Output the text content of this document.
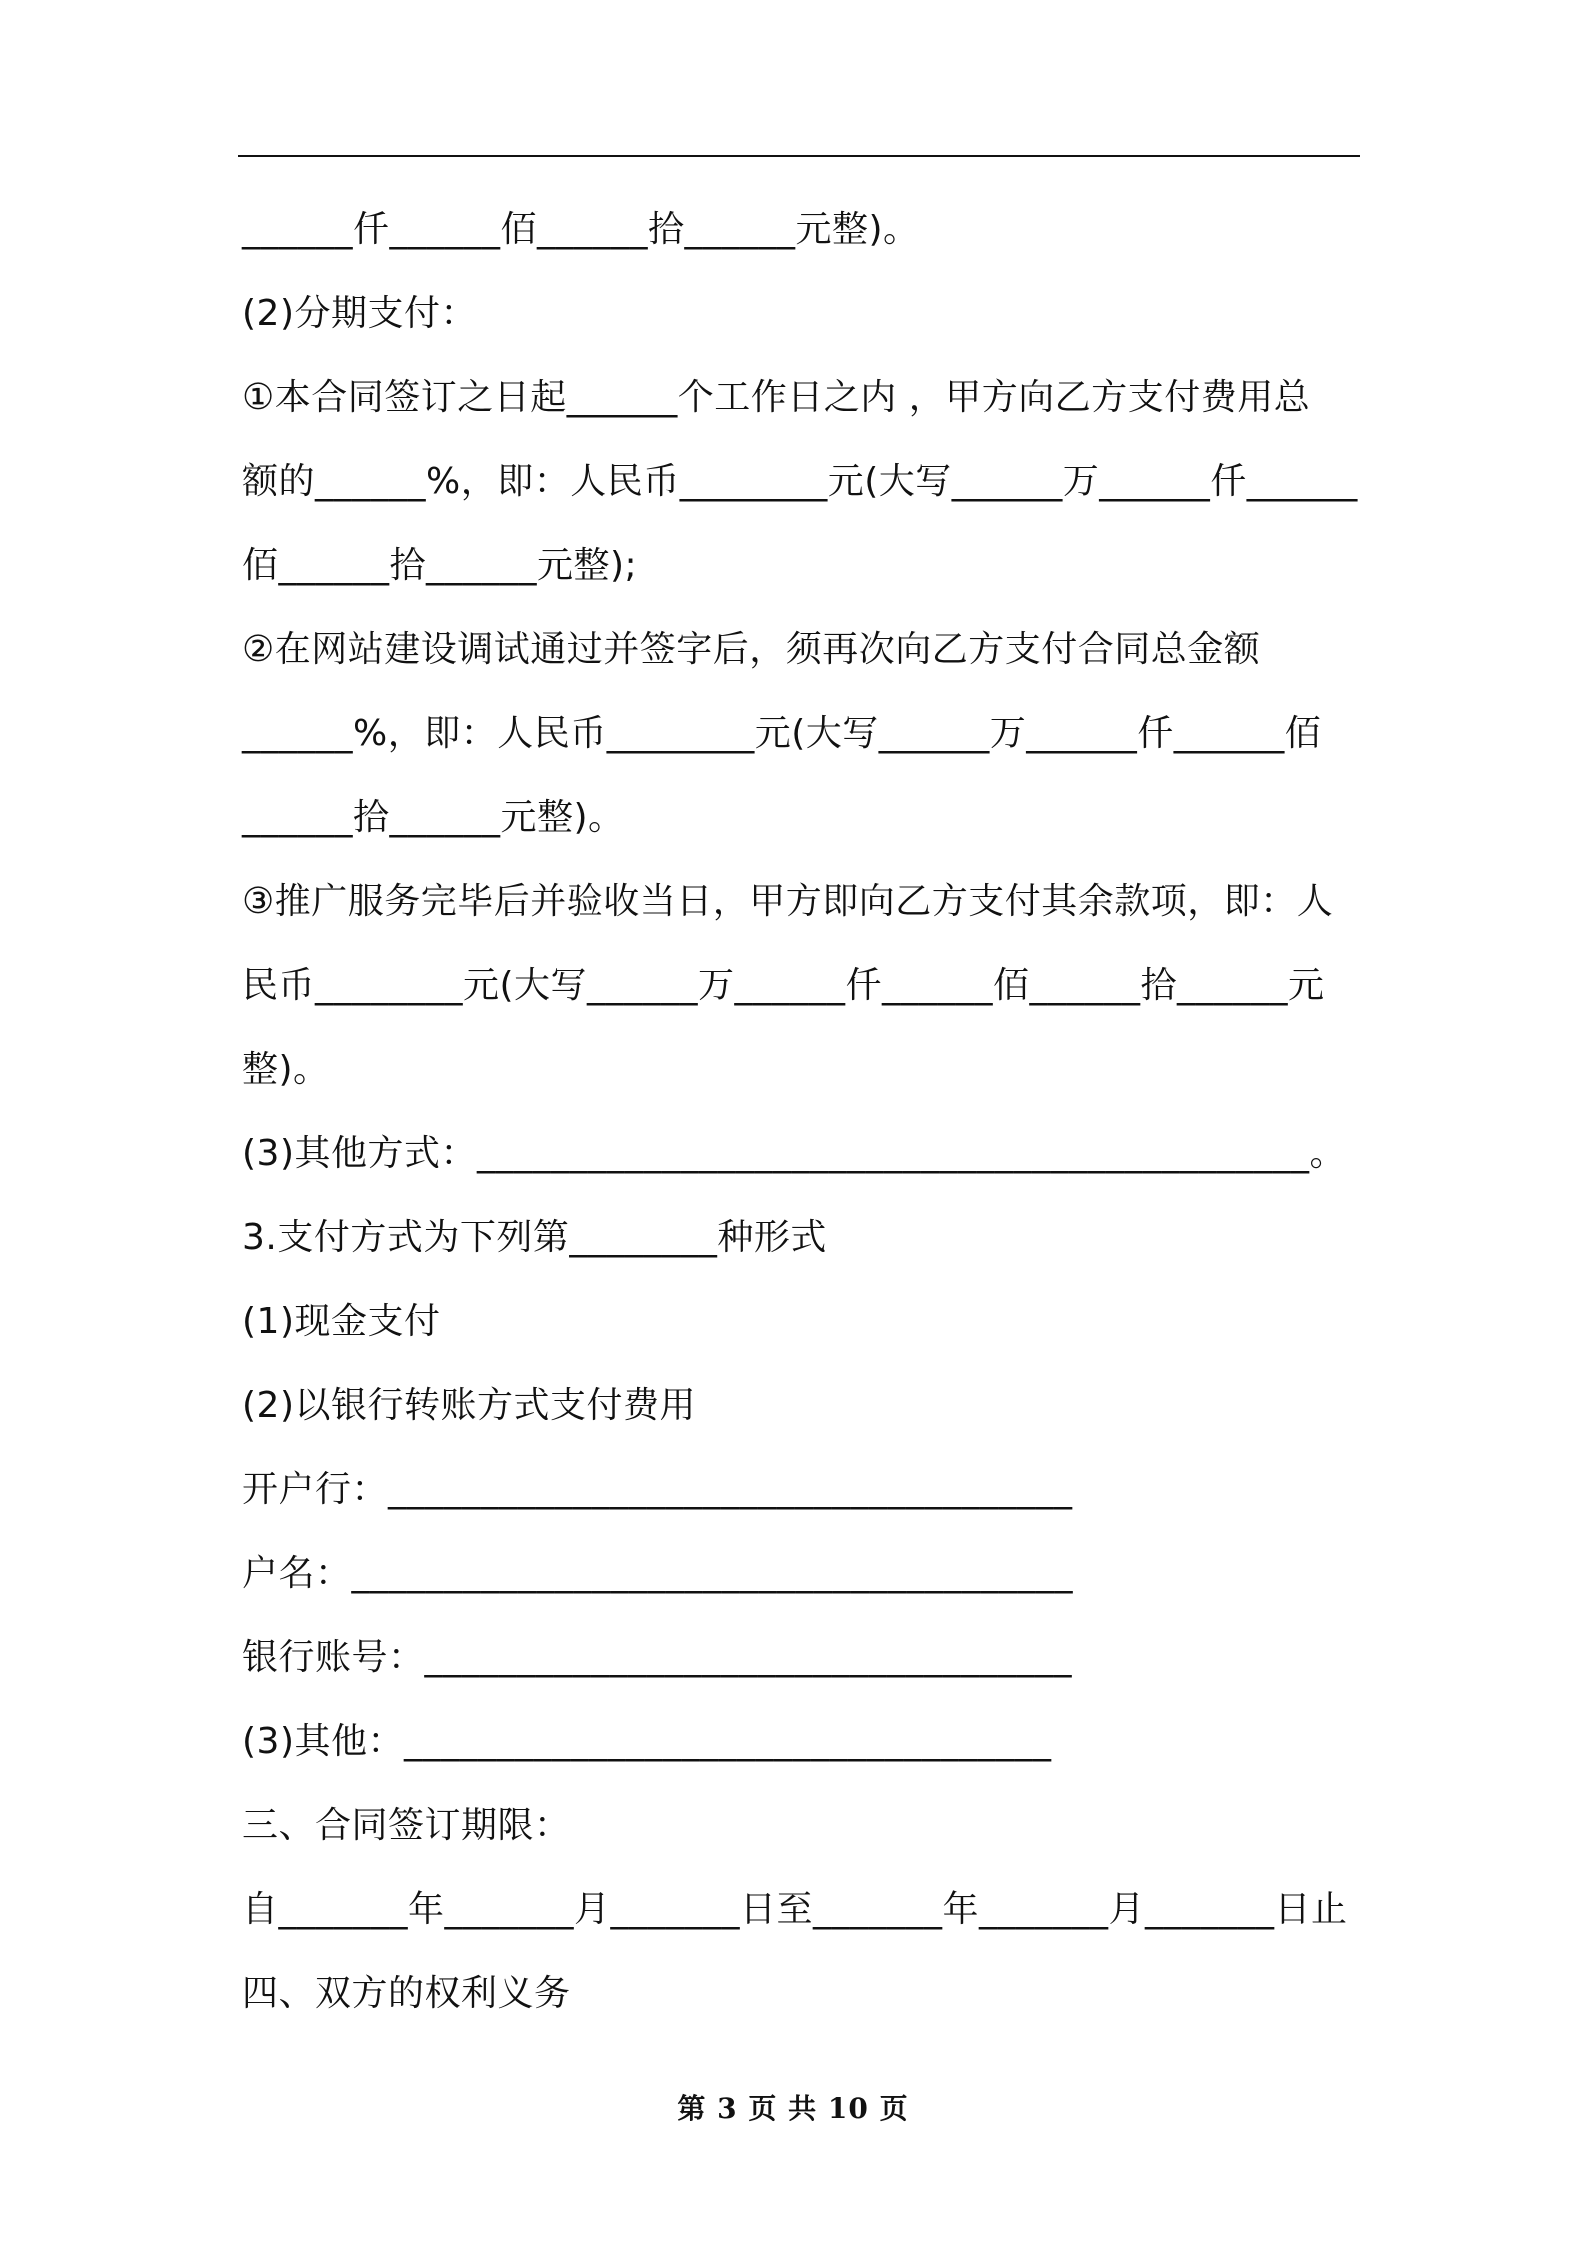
______仟______佰______拾______元整)。
(2)分期支付：
①本合同签订之日起______个工作日之内 ，甲方向乙方支付费用总
额的______%，即：人民币________元(大写______万______仟______
佰______拾______元整);
②在网站建设调试通过并签字后，须再次向乙方支付合同总金额
______%，即：人民币________元(大写______万______仟______佰
______拾______元整)。
③推广服务完毕后并验收当日，甲方即向乙方支付其余款项，即：人
民币________元(大写______万______仟______佰______拾______元
整)。
(3)其他方式：_____________________________________________。
3.支付方式为下列第________种形式
(1)现金支付
(2)以银行转账方式支付费用
开户行：_____________________________________
户名：_______________________________________
银行账号：___________________________________
(3)其他：___________________________________
三、合同签订期限：
自_______年_______月_______日至_______年_______月_______日止
四、双方的权利义务
第 3 页 共 10 页
